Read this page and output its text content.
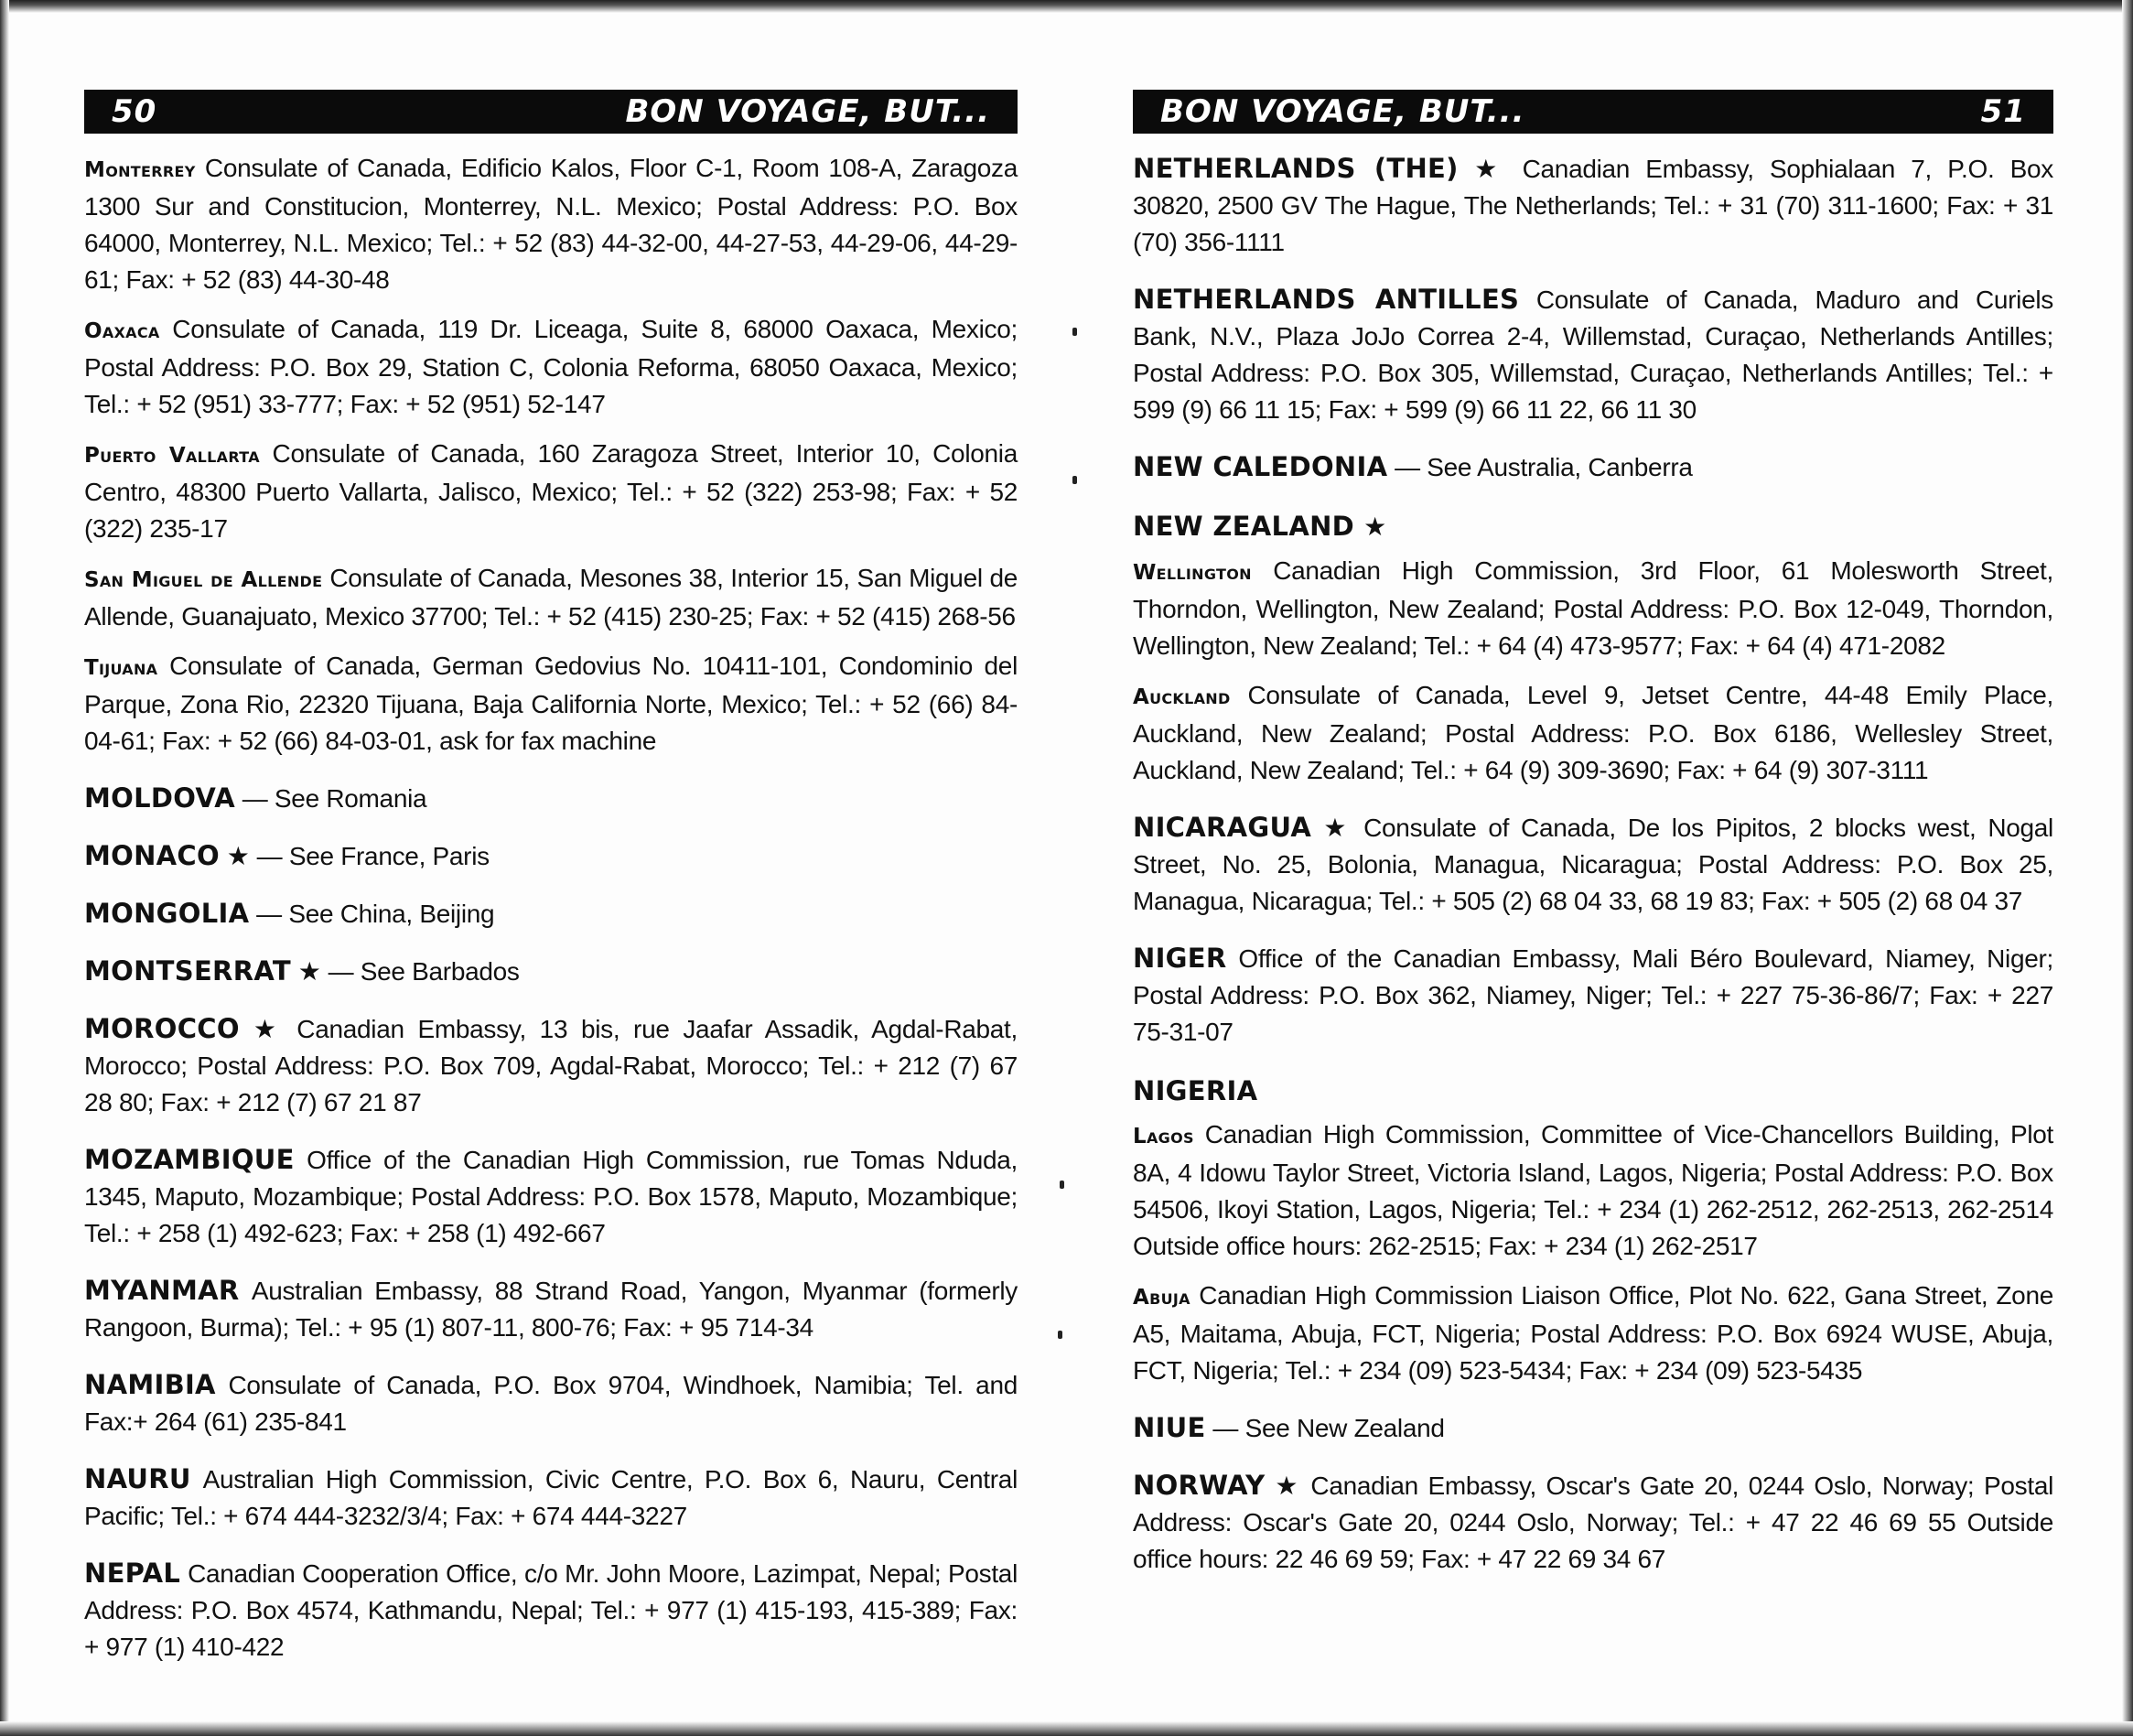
50	BON VOYAGE, BUT...

Monterrey Consulate of Canada, Edificio Kalos, Floor C-1, Room 108-A, Zaragoza 1300 Sur and Constitucion, Monterrey, N.L. Mexico; Postal Address: P.O. Box 64000, Monterrey, N.L. Mexico; Tel.: + 52 (83) 44-32-00, 44-27-53, 44-29-06, 44-29-61; Fax: + 52 (83) 44-30-48

Oaxaca Consulate of Canada, 119 Dr. Liceaga, Suite 8, 68000 Oaxaca, Mexico; Postal Address: P.O. Box 29, Station C, Colonia Reforma, 68050 Oaxaca, Mexico; Tel.: + 52 (951) 33-777; Fax: + 52 (951) 52-147

Puerto Vallarta Consulate of Canada, 160 Zaragoza Street, Interior 10, Colonia Centro, 48300 Puerto Vallarta, Jalisco, Mexico; Tel.: + 52 (322) 253-98; Fax: + 52 (322) 235-17

San Miguel de Allende Consulate of Canada, Mesones 38, Interior 15, San Miguel de Allende, Guanajuato, Mexico 37700; Tel.: + 52 (415) 230-25; Fax: + 52 (415) 268-56

Tijuana Consulate of Canada, German Gedovius No. 10411-101, Condominio del Parque, Zona Rio, 22320 Tijuana, Baja California Norte, Mexico; Tel.: + 52 (66) 84-04-61; Fax: + 52 (66) 84-03-01, ask for fax machine

MOLDOVA — See Romania

MONACO ★ — See France, Paris

MONGOLIA — See China, Beijing

MONTSERRAT ★ — See Barbados

MOROCCO ★ Canadian Embassy, 13 bis, rue Jaafar Assadik, Agdal-Rabat, Morocco; Postal Address: P.O. Box 709, Agdal-Rabat, Morocco; Tel.: + 212 (7) 67 28 80; Fax: + 212 (7) 67 21 87

MOZAMBIQUE Office of the Canadian High Commission, rue Tomas Nduda, 1345, Maputo, Mozambique; Postal Address: P.O. Box 1578, Maputo, Mozambique; Tel.: + 258 (1) 492-623; Fax: + 258 (1) 492-667

MYANMAR Australian Embassy, 88 Strand Road, Yangon, Myanmar (formerly Rangoon, Burma); Tel.: + 95 (1) 807-11, 800-76; Fax: + 95 714-34

NAMIBIA Consulate of Canada, P.O. Box 9704, Windhoek, Namibia; Tel. and Fax:+ 264 (61) 235-841

NAURU Australian High Commission, Civic Centre, P.O. Box 6, Nauru, Central Pacific; Tel.: + 674 444-3232/3/4; Fax: + 674 444-3227

NEPAL Canadian Cooperation Office, c/o Mr. John Moore, Lazimpat, Nepal; Postal Address: P.O. Box 4574, Kathmandu, Nepal; Tel.: + 977 (1) 415-193, 415-389; Fax: + 977 (1) 410-422

BON VOYAGE, BUT...	51

NETHERLANDS (THE) ★ Canadian Embassy, Sophialaan 7, P.O. Box 30820, 2500 GV The Hague, The Netherlands; Tel.: + 31 (70) 311-1600; Fax: + 31 (70) 356-1111

NETHERLANDS ANTILLES Consulate of Canada, Maduro and Curiels Bank, N.V., Plaza JoJo Correa 2-4, Willemstad, Curaçao, Netherlands Antilles; Postal Address: P.O. Box 305, Willemstad, Curaçao, Netherlands Antilles; Tel.: + 599 (9) 66 11 15; Fax: + 599 (9) 66 11 22, 66 11 30

NEW CALEDONIA — See Australia, Canberra

NEW ZEALAND ★

Wellington Canadian High Commission, 3rd Floor, 61 Molesworth Street, Thorndon, Wellington, New Zealand; Postal Address: P.O. Box 12-049, Thorndon, Wellington, New Zealand; Tel.: + 64 (4) 473-9577; Fax: + 64 (4) 471-2082

Auckland Consulate of Canada, Level 9, Jetset Centre, 44-48 Emily Place, Auckland, New Zealand; Postal Address: P.O. Box 6186, Wellesley Street, Auckland, New Zealand; Tel.: + 64 (9) 309-3690; Fax: + 64 (9) 307-3111

NICARAGUA ★ Consulate of Canada, De los Pipitos, 2 blocks west, Nogal Street, No. 25, Bolonia, Managua, Nicaragua; Postal Address: P.O. Box 25, Managua, Nicaragua; Tel.: + 505 (2) 68 04 33, 68 19 83; Fax: + 505 (2) 68 04 37

NIGER Office of the Canadian Embassy, Mali Béro Boulevard, Niamey, Niger; Postal Address: P.O. Box 362, Niamey, Niger; Tel.: + 227 75-36-86/7; Fax: + 227 75-31-07

NIGERIA

Lagos Canadian High Commission, Committee of Vice-Chancellors Building, Plot 8A, 4 Idowu Taylor Street, Victoria Island, Lagos, Nigeria; Postal Address: P.O. Box 54506, Ikoyi Station, Lagos, Nigeria; Tel.: + 234 (1) 262-2512, 262-2513, 262-2514 Outside office hours: 262-2515; Fax: + 234 (1) 262-2517

Abuja Canadian High Commission Liaison Office, Plot No. 622, Gana Street, Zone A5, Maitama, Abuja, FCT, Nigeria; Postal Address: P.O. Box 6924 WUSE, Abuja, FCT, Nigeria; Tel.: + 234 (09) 523-5434; Fax: + 234 (09) 523-5435

NIUE — See New Zealand

NORWAY ★ Canadian Embassy, Oscar's Gate 20, 0244 Oslo, Norway; Postal Address: Oscar's Gate 20, 0244 Oslo, Norway; Tel.: + 47 22 46 69 55 Outside office hours: 22 46 69 59; Fax: + 47 22 69 34 67
